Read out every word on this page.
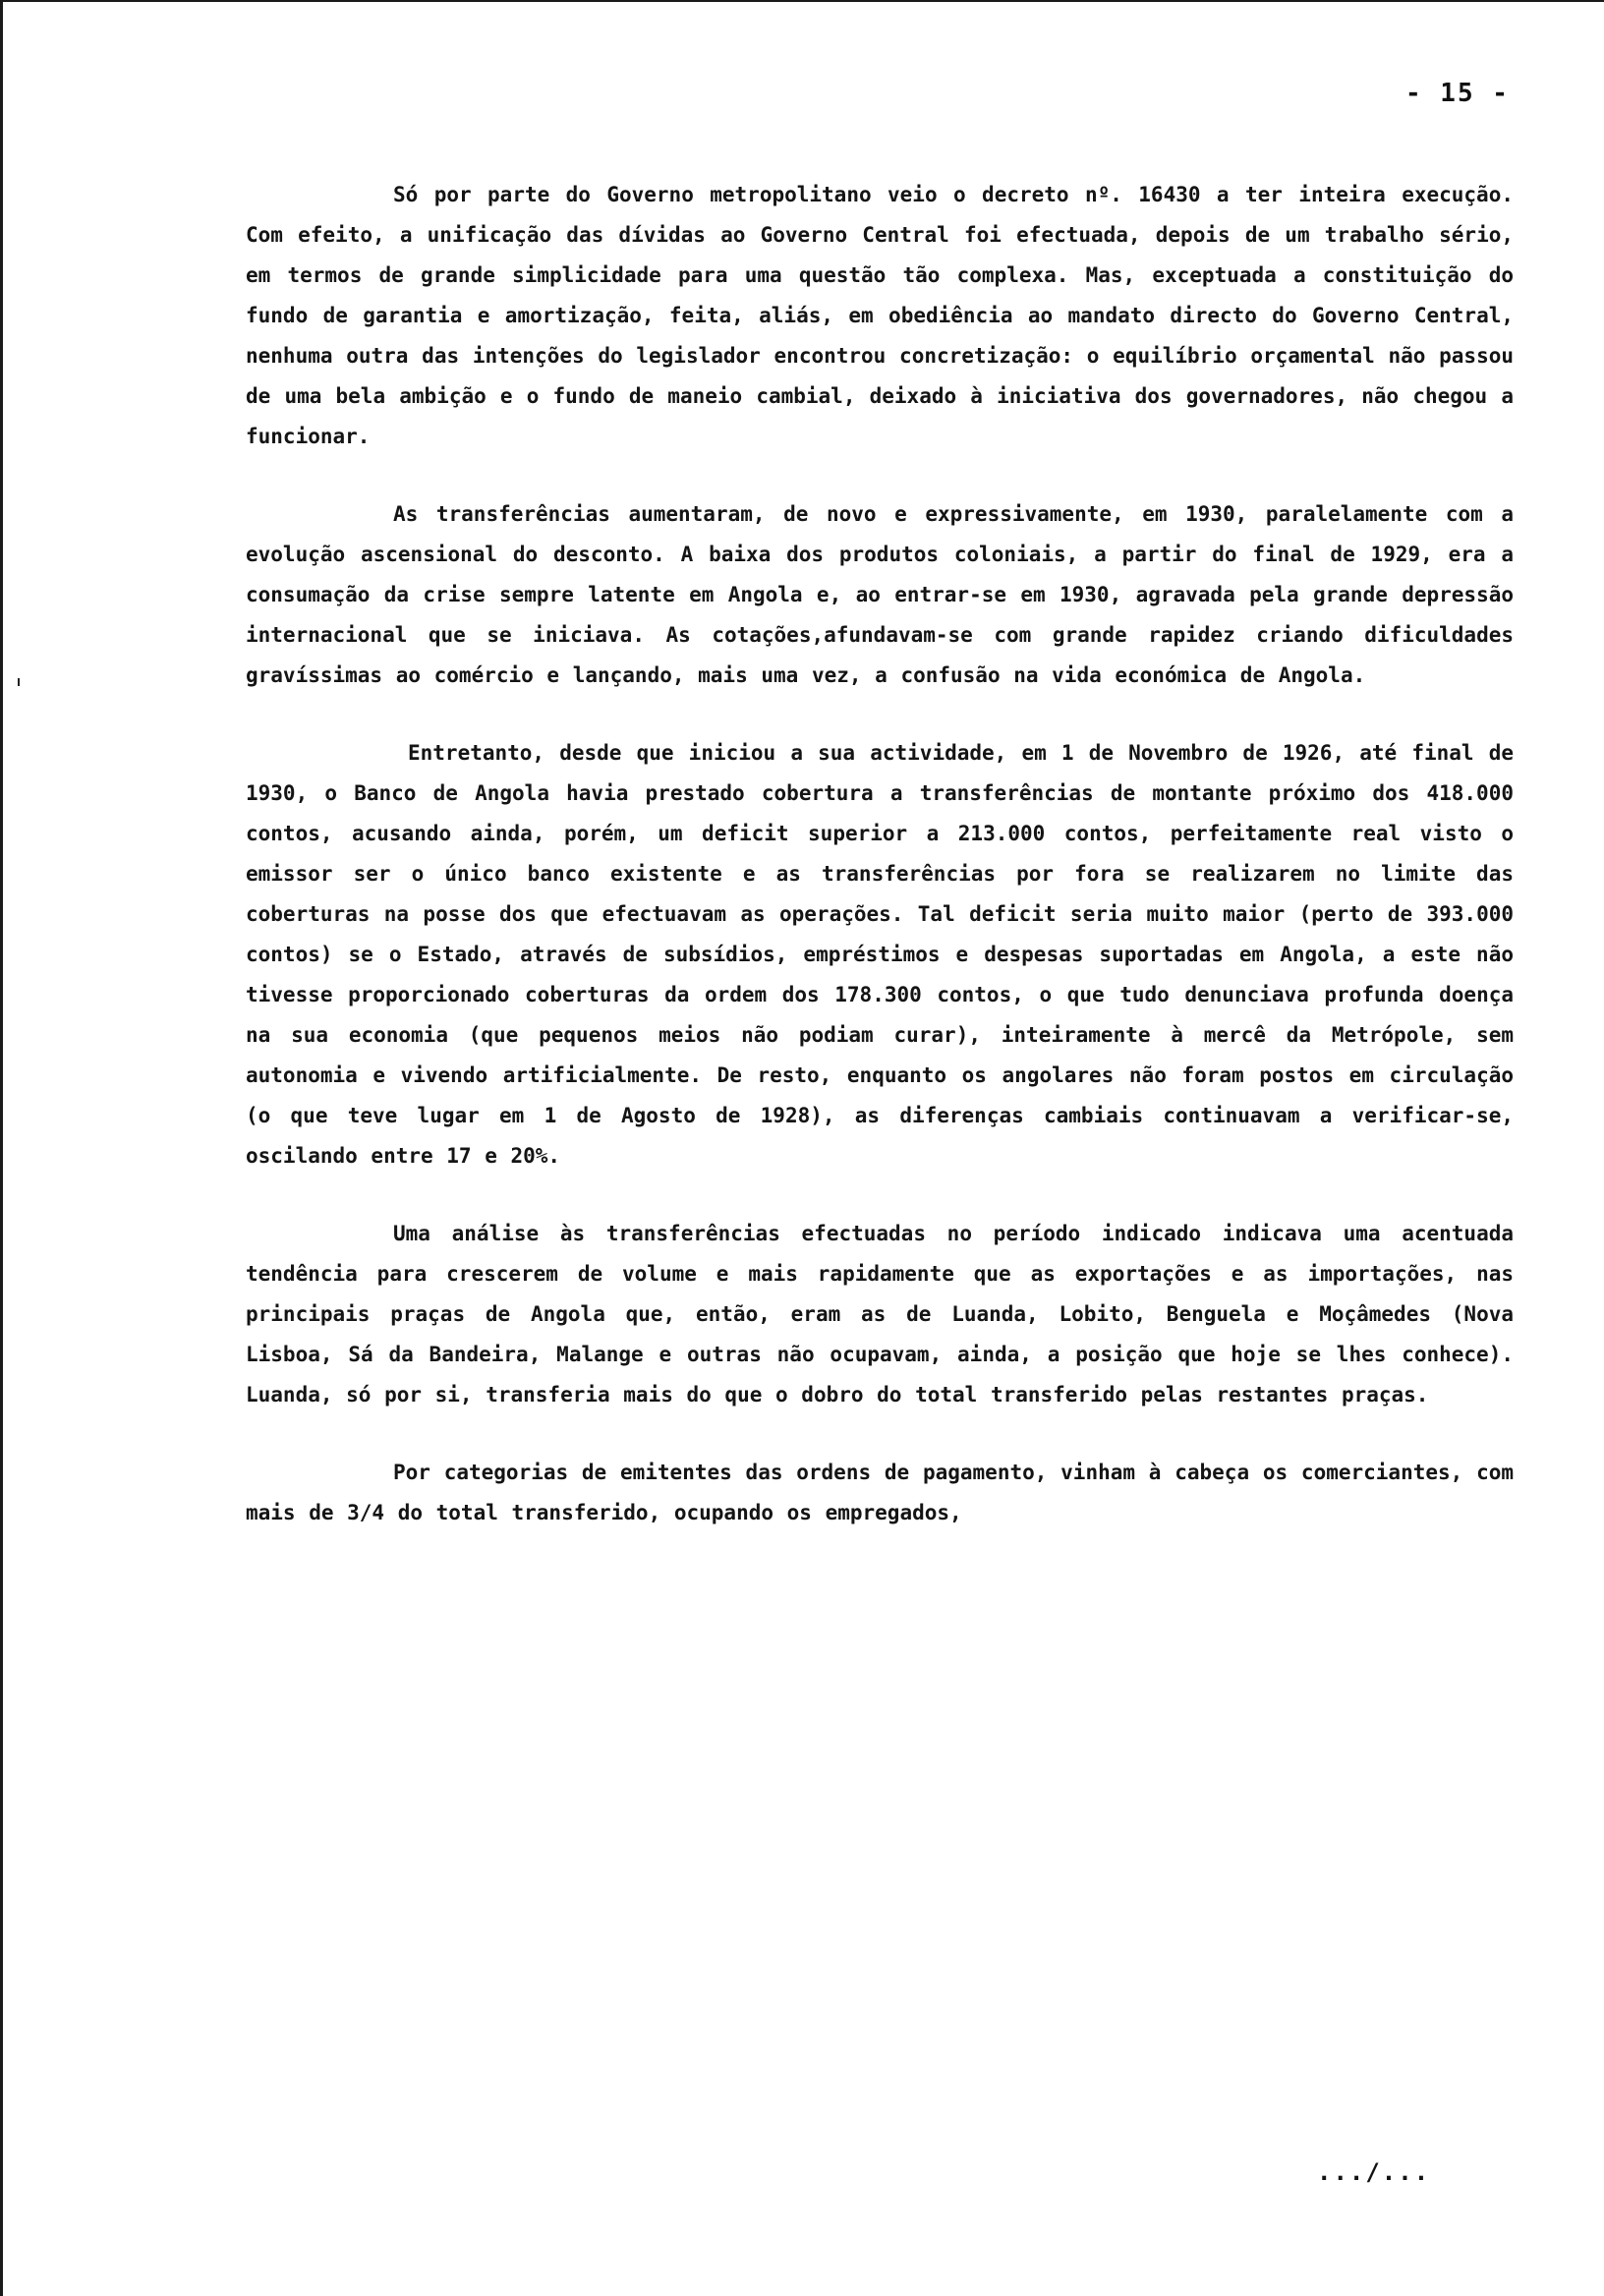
- 15 -

Só por parte do Governo metropolitano veio o decreto nº. 16430 a ter inteira execução. Com efeito, a unificação das dívidas ao Governo Central foi efectuada, depois de um trabalho sério, em termos de grande simplicidade para uma questão tão complexa. Mas, exceptuada a constituição do fundo de garantia e amortização, feita, aliás, em obediência ao mandato directo do Governo Central, nenhuma outra das intenções do legislador encontrou concretização: o equilíbrio orçamental não passou de uma bela ambição e o fundo de maneio cambial, deixado à iniciativa dos governadores, não chegou a funcionar.

As transferências aumentaram, de novo e expressivamente, em 1930, paralelamente com a evolução ascensional do desconto. A baixa dos produtos coloniais, a partir do final de 1929, era a consumação da crise sempre latente em Angola e, ao entrar-se em 1930, agravada pela grande depressão internacional que se iniciava. As cotações,afundavam-se com grande rapidez criando dificuldades gravíssimas ao comércio e lançando, mais uma vez, a confusão na vida económica de Angola.

Entretanto, desde que iniciou a sua actividade, em 1 de Novembro de 1926, até final de 1930, o Banco de Angola havia prestado cobertura a transferências de montante próximo dos 418.000 contos, acusando ainda, porém, um deficit superior a 213.000 contos, perfeitamente real visto o emissor ser o único banco existente e as transferências por fora se realizarem no limite das coberturas na posse dos que efectuavam as operações. Tal deficit seria muito maior (perto de 393.000 contos) se o Estado, através de subsídios, empréstimos e despesas suportadas em Angola, a este não tivesse proporcionado coberturas da ordem dos 178.300 contos, o que tudo denunciava profunda doença na sua economia (que pequenos meios não podiam curar), inteiramente à mercê da Metrópole, sem autonomia e vivendo artificialmente. De resto, enquanto os angolares não foram postos em circulação (o que teve lugar em 1 de Agosto de 1928), as diferenças cambiais continuavam a verificar-se, oscilando entre 17 e 20%.

Uma análise às transferências efectuadas no período indicado indicava uma acentuada tendência para crescerem de volume e mais rapidamente que as exportações e as importações, nas principais praças de Angola que, então, eram as de Luanda, Lobito, Benguela e Moçâmedes (Nova Lisboa, Sá da Bandeira, Malange e outras não ocupavam, ainda, a posição que hoje se lhes conhece). Luanda, só por si, transferia mais do que o dobro do total transferido pelas restantes praças.

Por categorias de emitentes das ordens de pagamento, vinham à cabeça os comerciantes, com mais de 3/4 do total transferido, ocupando os empregados,

.../...
